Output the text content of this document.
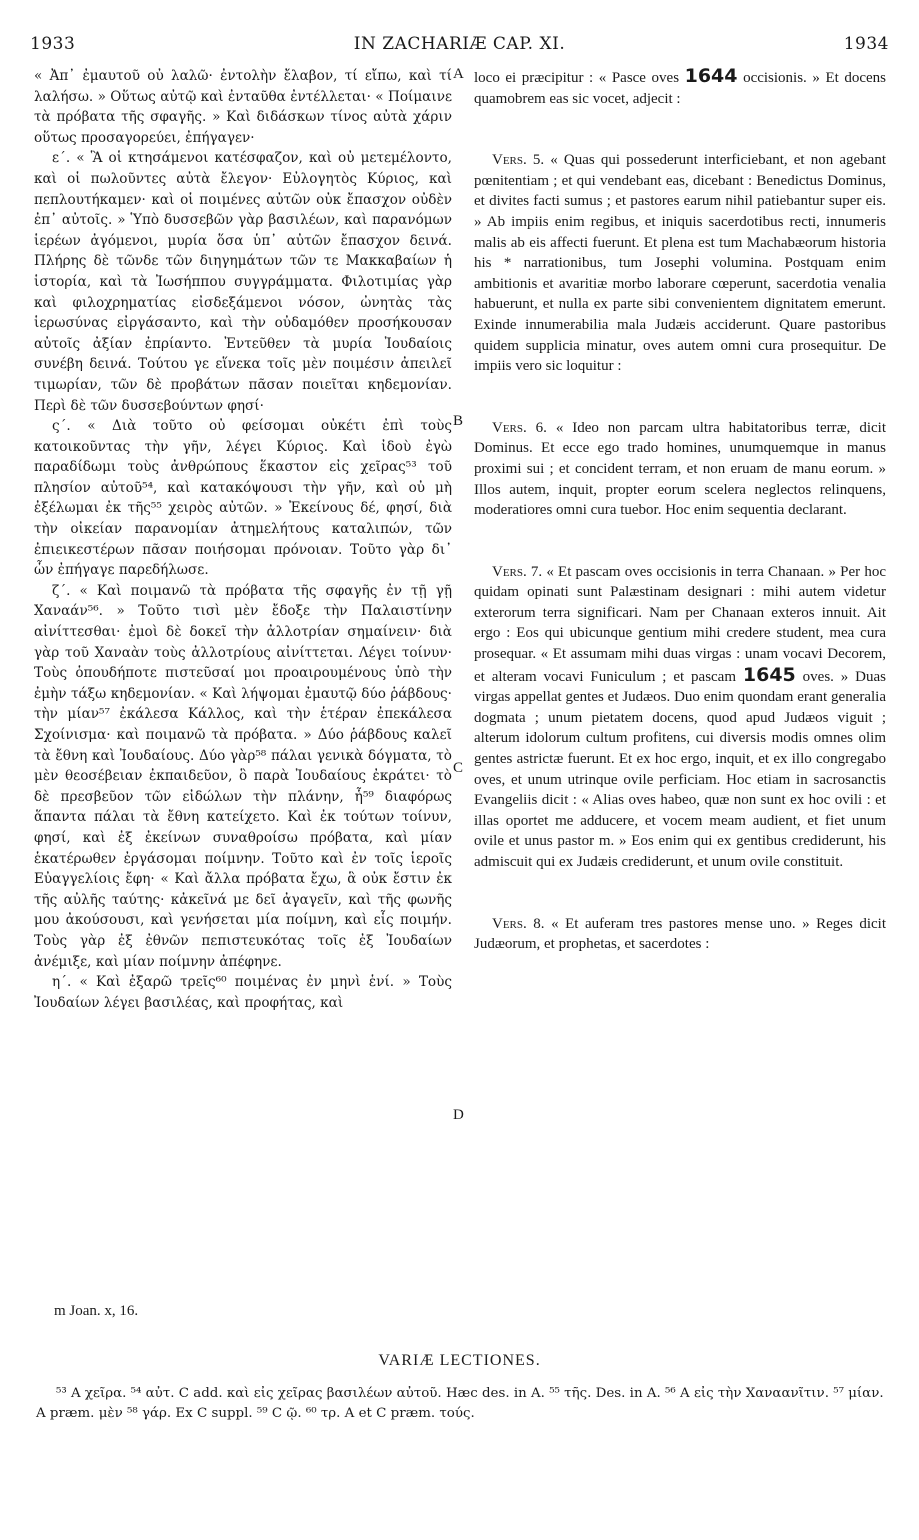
1933	IN ZACHARIÆ CAP. XI.	1934
A
B
C
D

« Ἀπ᾽ ἐμαυτοῦ οὐ λαλῶ· ἐντολὴν ἔλαβον, τί εἴπω, καὶ τί λαλήσω. » Οὕτως αὐτῷ καὶ ἐνταῦθα ἐντέλλεται· « Ποίμαινε τὰ πρόβατα τῆς σφαγῆς. » Καὶ διδάσκων τίνος αὐτὰ χάριν οὕτως προσαγορεύει, ἐπήγαγεν·

ε΄. « Ἃ οἱ κτησάμενοι κατέσφαζον, καὶ οὐ μετεμέλοντο, καὶ οἱ πωλοῦντες αὐτὰ ἔλεγον· Εὐλογητὸς Κύριος, καὶ πεπλουτήκαμεν· καὶ οἱ ποιμένες αὐτῶν οὐκ ἔπασχον οὐδὲν ἐπ᾽ αὐτοῖς. » Ὑπὸ δυσσεβῶν γὰρ βασιλέων, καὶ παρανόμων ἱερέων ἀγόμενοι, μυρία ὅσα ὑπ᾽ αὐτῶν ἔπασχον δεινά. Πλήρης δὲ τῶνδε τῶν διηγημάτων τῶν τε Μακκαβαίων ἡ ἱστορία, καὶ τὰ Ἰωσήππου συγγράμματα. Φιλοτιμίας γὰρ καὶ φιλοχρηματίας εἰσδεξάμενοι νόσον, ὠνητὰς τὰς ἱερωσύνας εἰργάσαντο, καὶ τὴν οὐδαμόθεν προσήκουσαν αὐτοῖς ἀξίαν ἐπρίαντο. Ἐντεῦθεν τὰ μυρία Ἰουδαίοις συνέβη δεινά. Τούτου γε εἵνεκα τοῖς μὲν ποιμέσιν ἀπειλεῖ τιμωρίαν, τῶν δὲ προβάτων πᾶσαν ποιεῖται κηδεμονίαν. Περὶ δὲ τῶν δυσσεβούντων φησί·

ς΄. « Διὰ τοῦτο οὐ φείσομαι οὐκέτι ἐπὶ τοὺς κατοικοῦντας τὴν γῆν, λέγει Κύριος. Καὶ ἰδοὺ ἐγὼ παραδίδωμι τοὺς ἀνθρώπους ἕκαστον εἰς χεῖρας⁵³ τοῦ πλησίον αὐτοῦ⁵⁴, καὶ κατακόψουσι τὴν γῆν, καὶ οὐ μὴ ἐξέλωμαι ἐκ τῆς⁵⁵ χειρὸς αὐτῶν. » Ἐκείνους δέ, φησί, διὰ τὴν οἰκείαν παρανομίαν ἀτημελήτους καταλιπών, τῶν ἐπιεικεστέρων πᾶσαν ποιήσομαι πρόνοιαν. Τοῦτο γὰρ δι᾽ ὧν ἐπήγαγε παρεδήλωσε.

ζ΄. « Καὶ ποιμανῶ τὰ πρόβατα τῆς σφαγῆς ἐν τῇ γῇ Χαναάν⁵⁶. » Τοῦτο τισὶ μὲν ἔδοξε τὴν Παλαιστίνην αἰνίττεσθαι· ἐμοὶ δὲ δοκεῖ τὴν ἀλλοτρίαν σημαίνειν· διὰ γὰρ τοῦ Χαναὰν τοὺς ἀλλοτρίους αἰνίττεται. Λέγει τοίνυν· Τοὺς ὁπουδήποτε πιστεῦσαί μοι προαιρουμένους ὑπὸ τὴν ἐμὴν τάξω κηδεμονίαν. « Καὶ λήψομαι ἐμαυτῷ δύο ῥάβδους· τὴν μίαν⁵⁷ ἐκάλεσα Κάλλος, καὶ τὴν ἑτέραν ἐπεκάλεσα Σχοίνισμα· καὶ ποιμανῶ τὰ πρόβατα. » Δύο ῥάβδους καλεῖ τὰ ἔθνη καὶ Ἰουδαίους. Δύο γὰρ⁵⁸ πάλαι γενικὰ δόγματα, τὸ μὲν θεοσέβειαν ἐκπαιδεῦον, ὃ παρὰ Ἰουδαίους ἐκράτει· τὸ δὲ πρεσβεῦον τῶν εἰδώλων τὴν πλάνην, ἧ⁵⁹ διαφόρως ἅπαντα πάλαι τὰ ἔθνη κατείχετο. Καὶ ἐκ τούτων τοίνυν, φησί, καὶ ἐξ ἐκείνων συναθροίσω πρόβατα, καὶ μίαν ἑκατέρωθεν ἐργάσομαι ποίμνην. Τοῦτο καὶ ἐν τοῖς ἱεροῖς Εὐαγγελίοις ἔφη· « Καὶ ἄλλα πρόβατα ἔχω, ἃ οὐκ ἔστιν ἐκ τῆς αὐλῆς ταύτης· κἀκεῖνά με δεῖ ἀγαγεῖν, καὶ τῆς φωνῆς μου ἀκούσουσι, καὶ γενήσεται μία ποίμνη, καὶ εἷς ποιμήν. Τοὺς γὰρ ἐξ ἐθνῶν πεπιστευκότας τοῖς ἐξ Ἰουδαίων ἀνέμιξε, καὶ μίαν ποίμνην ἀπέφηνε.

η΄. « Καὶ ἐξαρῶ τρεῖς⁶⁰ ποιμένας ἐν μηνὶ ἑνί. » Τοὺς Ἰουδαίων λέγει βασιλέας, καὶ προφήτας, καὶ

loco ei præcipitur : « Pasce oves 1644 occisionis. » Et docens quamobrem eas sic vocet, adjecit :

Vers. 5. « Quas qui possederunt interficiebant, et non agebant pœnitentiam ; et qui vendebant eas, dicebant : Benedictus Dominus, et divites facti sumus ; et pastores earum nihil patiebantur super eis. » Ab impiis enim regibus, et iniquis sacerdotibus recti, innumeris malis ab eis affecti fuerunt. Et plena est tum Machabæorum historia his * narrationibus, tum Josephi volumina. Postquam enim ambitionis et avaritiæ morbo laborare cœperunt, sacerdotia venalia habuerunt, et nulla ex parte sibi convenientem dignitatem emerunt. Exinde innumerabilia mala Judæis acciderunt. Quare pastoribus quidem supplicia minatur, oves autem omni cura prosequitur. De impiis vero sic loquitur :

Vers. 6. « Ideo non parcam ultra habitatoribus terræ, dicit Dominus. Et ecce ego trado homines, unumquemque in manus proximi sui ; et concident terram, et non eruam de manu eorum. » Illos autem, inquit, propter eorum scelera neglectos relinquens, moderatiores omni cura tuebor. Hoc enim sequentia declarant.

Vers. 7. « Et pascam oves occisionis in terra Chanaan. » Per hoc quidam opinati sunt Palæstinam designari : mihi autem videtur exterorum terra significari. Nam per Chanaan exteros innuit. Ait ergo : Eos qui ubicunque gentium mihi credere student, mea cura prosequar. « Et assumam mihi duas virgas : unam vocavi Decorem, et alteram vocavi Funiculum ; et pascam 1645 oves. » Duas virgas appellat gentes et Judæos. Duo enim quondam erant generalia dogmata ; unum pietatem docens, quod apud Judæos viguit ; alterum idolorum cultum profitens, cui diversis modis omnes olim gentes astrictæ fuerunt. Et ex hoc ergo, inquit, et ex illo congregabo oves, et unum utrinque ovile perficiam. Hoc etiam in sacrosanctis Evangeliis dicit : « Alias oves habeo, quæ non sunt ex hoc ovili : et illas oportet me adducere, et vocem meam audient, et fiet unum ovile et unus pastor m. » Eos enim qui ex gentibus crediderunt, his admiscuit qui ex Judæis crediderunt, et unum ovile constituit.

Vers. 8. « Et auferam tres pastores mense uno. » Reges dicit Judæorum, et prophetas, et sacerdotes :

m Joan. x, 16.
VARIÆ LECTIONES.
⁵³ Α χεῖρα. ⁵⁴ αὐτ. C add. καὶ εἰς χεῖρας βασιλέων αὐτοῦ. Hæc des. in A. ⁵⁵ τῆς. Des. in A. ⁵⁶ A εἰς τὴν Χαναανῖτιν. ⁵⁷ μίαν. A præm. μὲν ⁵⁸ γάρ. Ex C suppl. ⁵⁹ C ῷ. ⁶⁰ τρ. A et C præm. τούς.
